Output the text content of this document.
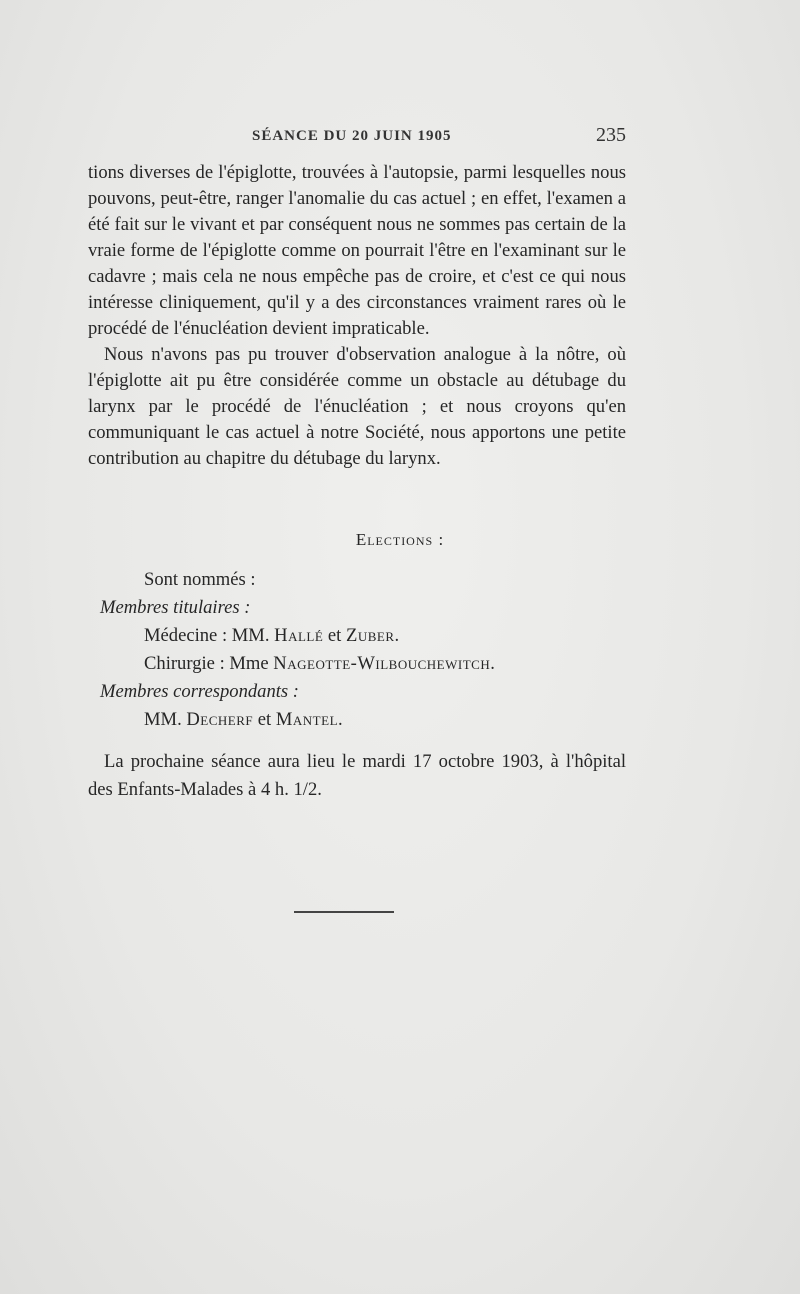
SÉANCE DU 20 JUIN 1905	235

tions diverses de l'épiglotte, trouvées à l'autopsie, parmi lesquelles nous pouvons, peut-être, ranger l'anomalie du cas actuel ; en effet, l'examen a été fait sur le vivant et par conséquent nous ne sommes pas certain de la vraie forme de l'épiglotte comme on pourrait l'être en l'examinant sur le cadavre ; mais cela ne nous empêche pas de croire, et c'est ce qui nous intéresse cliniquement, qu'il y a des circonstances vraiment rares où le procédé de l'énucléation devient impraticable.

Nous n'avons pas pu trouver d'observation analogue à la nôtre, où l'épiglotte ait pu être considérée comme un obstacle au détubage du larynx par le procédé de l'énucléation ; et nous croyons qu'en communiquant le cas actuel à notre Société, nous apportons une petite contribution au chapitre du détubage du larynx.

Elections :
Sont nommés :
Membres titulaires :
Médecine : MM. Hallé et Zuber.
Chirurgie : Mme Nageotte-Wilbouchewitch.
Membres correspondants :
MM. Decherf et Mantel.

La prochaine séance aura lieu le mardi 17 octobre 1903, à l'hôpital des Enfants-Malades à 4 h. 1/2.
